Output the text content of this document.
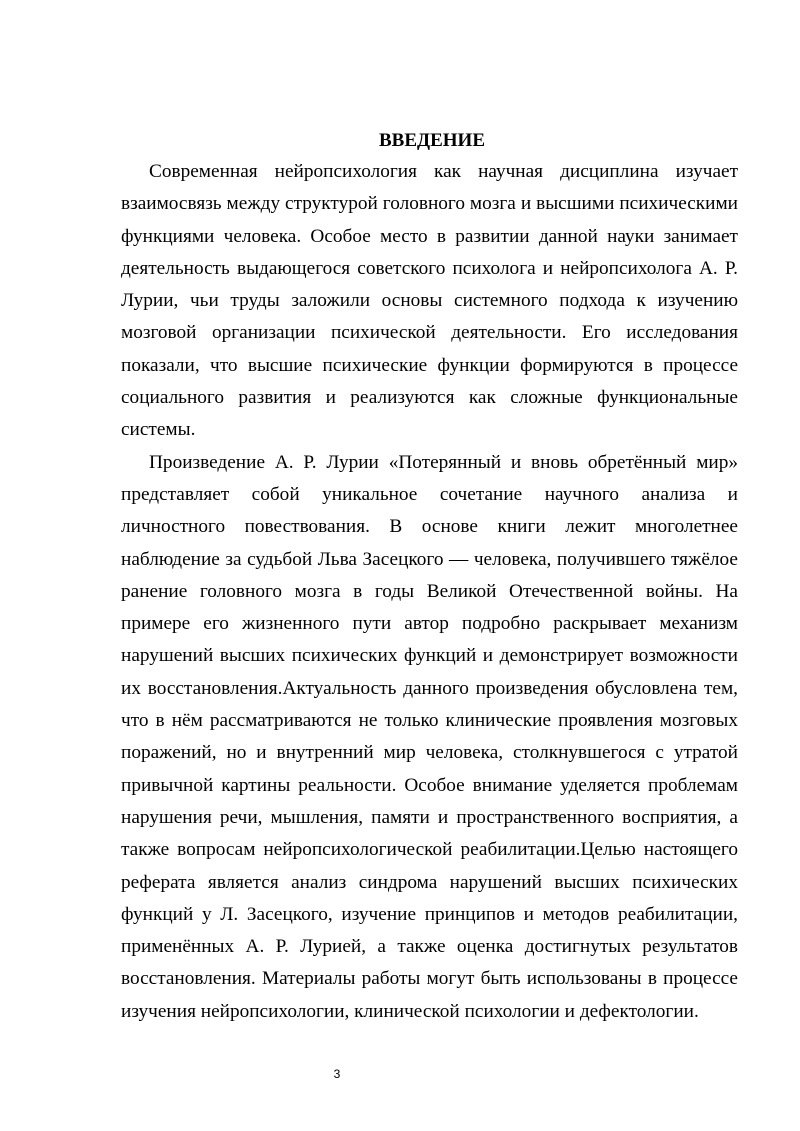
ВВЕДЕНИЕ

Современная нейропсихология как научная дисциплина изучает взаимосвязь между структурой головного мозга и высшими психическими функциями человека. Особое место в развитии данной науки занимает деятельность выдающегося советского психолога и нейропсихолога А. Р. Лурии, чьи труды заложили основы системного подхода к изучению мозговой организации психической деятельности. Его исследования показали, что высшие психические функции формируются в процессе социального развития и реализуются как сложные функциональные системы.

Произведение А. Р. Лурии «Потерянный и вновь обретённый мир» представляет собой уникальное сочетание научного анализа и личностного повествования. В основе книги лежит многолетнее наблюдение за судьбой Льва Засецкого — человека, получившего тяжёлое ранение головного мозга в годы Великой Отечественной войны. На примере его жизненного пути автор подробно раскрывает механизм нарушений высших психических функций и демонстрирует возможности их восстановления.Актуальность данного произведения обусловлена тем, что в нём рассматриваются не только клинические проявления мозговых поражений, но и внутренний мир человека, столкнувшегося с утратой привычной картины реальности. Особое внимание уделяется проблемам нарушения речи, мышления, памяти и пространственного восприятия, а также вопросам нейропсихологической реабилитации.Целью настоящего реферата является анализ синдрома нарушений высших психических функций у Л. Засецкого, изучение принципов и методов реабилитации, применённых А. Р. Лурией, а также оценка достигнутых результатов восстановления. Материалы работы могут быть использованы в процессе изучения нейропсихологии, клинической психологии и дефектологии.

3
